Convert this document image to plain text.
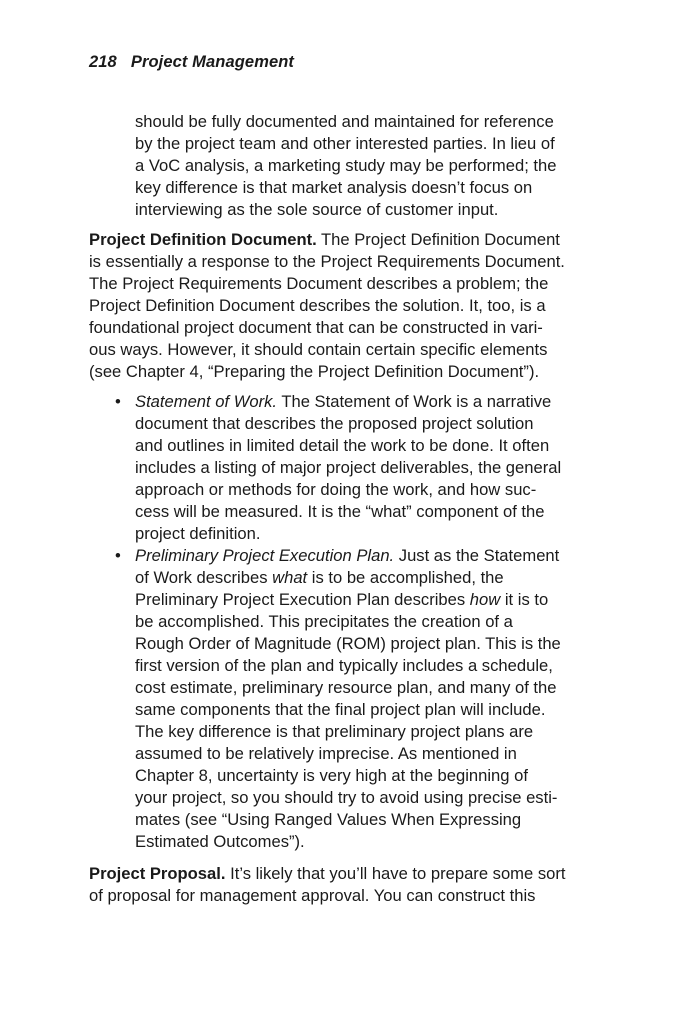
218 Project Management
should be fully documented and maintained for reference
by the project team and other interested parties. In lieu of
a VoC analysis, a marketing study may be performed; the
key difference is that market analysis doesn’t focus on
interviewing as the sole source of customer input.
Project Definition Document. The Project Definition Document
is essentially a response to the Project Requirements Document.
The Project Requirements Document describes a problem; the
Project Definition Document describes the solution. It, too, is a
foundational project document that can be constructed in vari-
ous ways. However, it should contain certain specific elements
(see Chapter 4, “Preparing the Project Definition Document”).
• Statement of Work. The Statement of Work is a narrative
document that describes the proposed project solution
and outlines in limited detail the work to be done. It often
includes a listing of major project deliverables, the general
approach or methods for doing the work, and how suc-
cess will be measured. It is the “what” component of the
project definition.
• Preliminary Project Execution Plan. Just as the Statement
of Work describes what is to be accomplished, the
Preliminary Project Execution Plan describes how it is to
be accomplished. This precipitates the creation of a
Rough Order of Magnitude (ROM) project plan. This is the
first version of the plan and typically includes a schedule,
cost estimate, preliminary resource plan, and many of the
same components that the final project plan will include.
The key difference is that preliminary project plans are
assumed to be relatively imprecise. As mentioned in
Chapter 8, uncertainty is very high at the beginning of
your project, so you should try to avoid using precise esti-
mates (see “Using Ranged Values When Expressing
Estimated Outcomes”).
Project Proposal. It’s likely that you’ll have to prepare some sort
of proposal for management approval. You can construct this
